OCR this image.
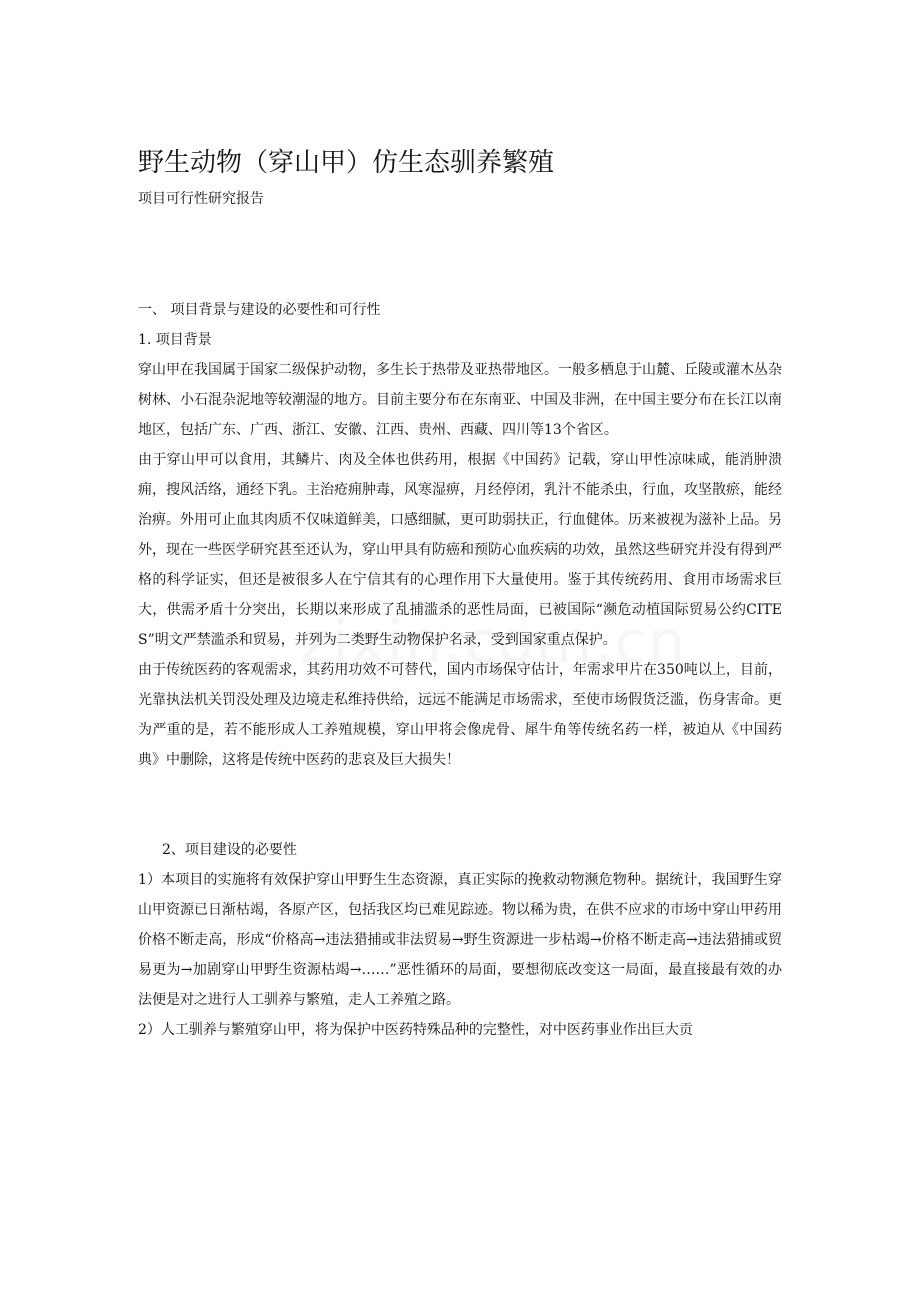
野生动物（穿山甲）仿生态驯养繁殖
项目可行性研究报告

一、 项目背景与建设的必要性和可行性

1. 项目背景

穿山甲在我国属于国家二级保护动物，多生长于热带及亚热带地区。一般多栖息于山麓、丘陵或灌木丛杂树林、小石混杂泥地等较潮湿的地方。目前主要分布在东南亚、中国及非洲，在中国主要分布在长江以南地区，包括广东、广西、浙江、安徽、江西、贵州、西藏、四川等13个省区。

由于穿山甲可以食用，其鳞片、肉及全体也供药用，根据《中国药》记载，穿山甲性凉味咸，能消肿溃痈，搜风活络，通经下乳。主治疮痈肿毒，风寒湿痹，月经停闭，乳汁不能杀虫，行血，攻坚散瘀，能经治痹。外用可止血其肉质不仅味道鲜美，口感细腻，更可助弱扶正，行血健体。历来被视为滋补上品。另外，现在一些医学研究甚至还认为，穿山甲具有防癌和预防心血疾病的功效，虽然这些研究并没有得到严格的科学证实，但还是被很多人在宁信其有的心理作用下大量使用。鉴于其传统药用、食用市场需求巨大，供需矛盾十分突出，长期以来形成了乱捕滥杀的恶性局面，已被国际“濒危动植国际贸易公约CITES”明文严禁滥杀和贸易，并列为二类野生动物保护名录，受到国家重点保护。

由于传统医药的客观需求，其药用功效不可替代，国内市场保守估计，年需求甲片在350吨以上，目前，光靠执法机关罚没处理及边境走私维持供给，远远不能满足市场需求，至使市场假货泛滥，伤身害命。更为严重的是，若不能形成人工养殖规模，穿山甲将会像虎骨、犀牛角等传统名药一样，被迫从《中国药典》中删除，这将是传统中医药的悲哀及巨大损失！

2、项目建设的必要性

1）本项目的实施将有效保护穿山甲野生生态资源，真正实际的挽救动物濒危物种。据统计，我国野生穿山甲资源已日渐枯竭，各原产区，包括我区均已难见踪迹。物以稀为贵，在供不应求的市场中穿山甲药用价格不断走高，形成“价格高→违法猎捕或非法贸易→野生资源进一步枯竭→价格不断走高→违法猎捕或贸易更为→加剧穿山甲野生资源枯竭→……”恶性循环的局面，要想彻底改变这一局面，最直接最有效的办法便是对之进行人工驯养与繁殖，走人工养殖之路。

2）人工驯养与繁殖穿山甲，将为保护中医药特殊品种的完整性，对中医药事业作出巨大贡
